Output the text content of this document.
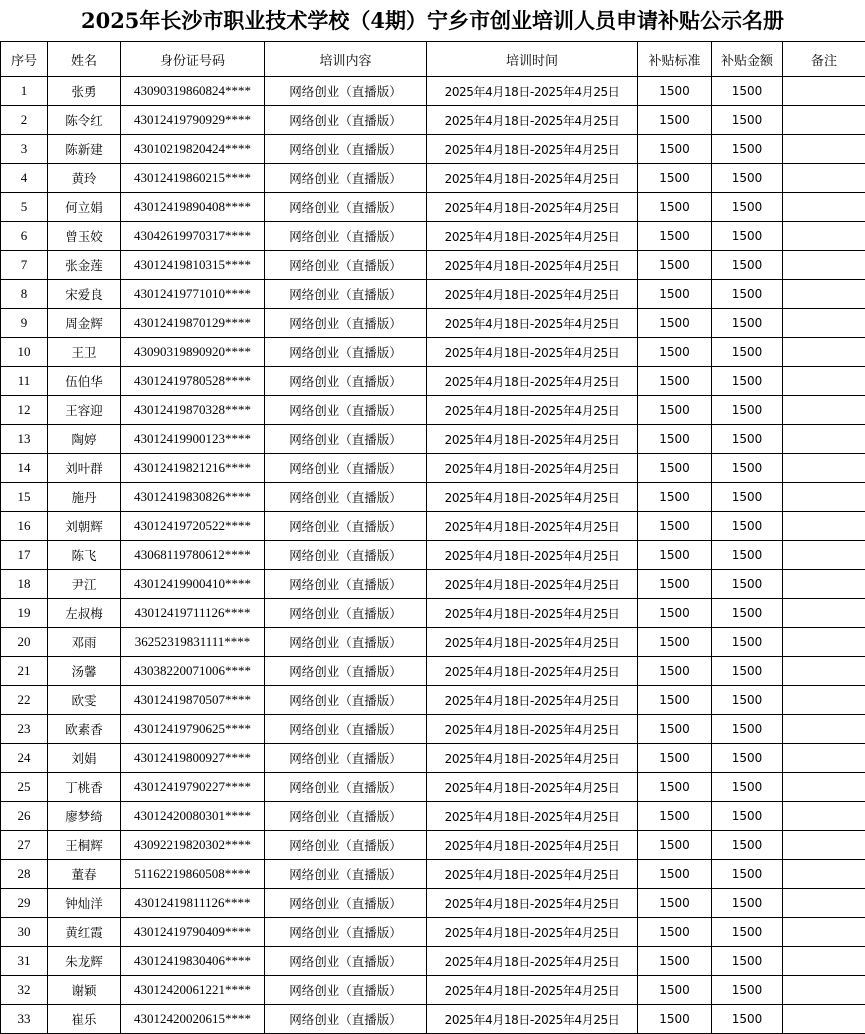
2025年长沙市职业技术学校（4期）宁乡市创业培训人员申请补贴公示名册
序号	姓名	身份证号码	培训内容	培训时间	补贴标准	补贴金额	备注
1	张勇	43090319860824****	网络创业（直播版）	2025年4月18日-2025年4月25日	1500	1500	
2	陈令红	43012419790929****	网络创业（直播版）	2025年4月18日-2025年4月25日	1500	1500	
3	陈新建	43010219820424****	网络创业（直播版）	2025年4月18日-2025年4月25日	1500	1500	
4	黄玲	43012419860215****	网络创业（直播版）	2025年4月18日-2025年4月25日	1500	1500	
5	何立娟	43012419890408****	网络创业（直播版）	2025年4月18日-2025年4月25日	1500	1500	
6	曾玉姣	43042619970317****	网络创业（直播版）	2025年4月18日-2025年4月25日	1500	1500	
7	张金莲	43012419810315****	网络创业（直播版）	2025年4月18日-2025年4月25日	1500	1500	
8	宋爱良	43012419771010****	网络创业（直播版）	2025年4月18日-2025年4月25日	1500	1500	
9	周金辉	43012419870129****	网络创业（直播版）	2025年4月18日-2025年4月25日	1500	1500	
10	王卫	43090319890920****	网络创业（直播版）	2025年4月18日-2025年4月25日	1500	1500	
11	伍伯华	43012419780528****	网络创业（直播版）	2025年4月18日-2025年4月25日	1500	1500	
12	王容迎	43012419870328****	网络创业（直播版）	2025年4月18日-2025年4月25日	1500	1500	
13	陶婷	43012419900123****	网络创业（直播版）	2025年4月18日-2025年4月25日	1500	1500	
14	刘叶群	43012419821216****	网络创业（直播版）	2025年4月18日-2025年4月25日	1500	1500	
15	施丹	43012419830826****	网络创业（直播版）	2025年4月18日-2025年4月25日	1500	1500	
16	刘朝辉	43012419720522****	网络创业（直播版）	2025年4月18日-2025年4月25日	1500	1500	
17	陈飞	43068119780612****	网络创业（直播版）	2025年4月18日-2025年4月25日	1500	1500	
18	尹江	43012419900410****	网络创业（直播版）	2025年4月18日-2025年4月25日	1500	1500	
19	左叔梅	43012419711126****	网络创业（直播版）	2025年4月18日-2025年4月25日	1500	1500	
20	邓雨	36252319831111****	网络创业（直播版）	2025年4月18日-2025年4月25日	1500	1500	
21	汤馨	43038220071006****	网络创业（直播版）	2025年4月18日-2025年4月25日	1500	1500	
22	欧雯	43012419870507****	网络创业（直播版）	2025年4月18日-2025年4月25日	1500	1500	
23	欧素香	43012419790625****	网络创业（直播版）	2025年4月18日-2025年4月25日	1500	1500	
24	刘娟	43012419800927****	网络创业（直播版）	2025年4月18日-2025年4月25日	1500	1500	
25	丁桃香	43012419790227****	网络创业（直播版）	2025年4月18日-2025年4月25日	1500	1500	
26	廖梦绮	43012420080301****	网络创业（直播版）	2025年4月18日-2025年4月25日	1500	1500	
27	王桐辉	43092219820302****	网络创业（直播版）	2025年4月18日-2025年4月25日	1500	1500	
28	董春	51162219860508****	网络创业（直播版）	2025年4月18日-2025年4月25日	1500	1500	
29	钟灿洋	43012419811126****	网络创业（直播版）	2025年4月18日-2025年4月25日	1500	1500	
30	黄红霞	43012419790409****	网络创业（直播版）	2025年4月18日-2025年4月25日	1500	1500	
31	朱龙辉	43012419830406****	网络创业（直播版）	2025年4月18日-2025年4月25日	1500	1500	
32	谢颖	43012420061221****	网络创业（直播版）	2025年4月18日-2025年4月25日	1500	1500	
33	崔乐	43012420020615****	网络创业（直播版）	2025年4月18日-2025年4月25日	1500	1500	
